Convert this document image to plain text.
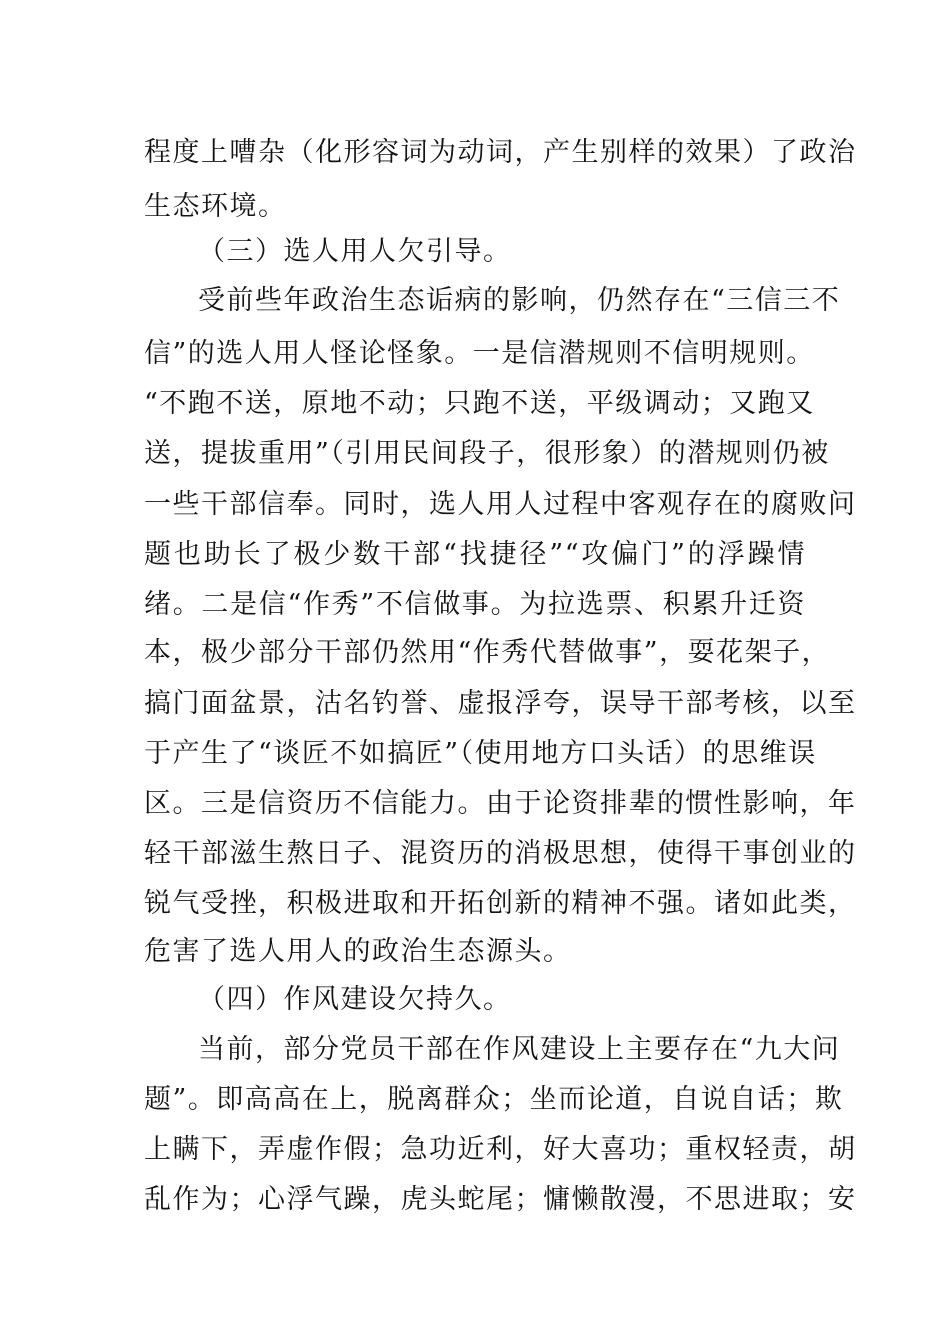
程度上嘈杂（化形容词为动词，产生别样的效果）了政治
生态环境。
（三）选人用人欠引导。
受前些年政治生态诟病的影响，仍然存在“三信三不
信”的选人用人怪论怪象。一是信潜规则不信明规则。
“不跑不送，原地不动；只跑不送，平级调动；又跑又
送，提拔重用”（引用民间段子，很形象）的潜规则仍被
一些干部信奉。同时，选人用人过程中客观存在的腐败问
题也助长了极少数干部“找捷径”“攻偏门”的浮躁情
绪。二是信“作秀”不信做事。为拉选票、积累升迁资
本，极少部分干部仍然用“作秀代替做事”，耍花架子，
搞门面盆景，沽名钓誉、虚报浮夸，误导干部考核，以至
于产生了“谈匠不如搞匠”（使用地方口头话）的思维误
区。三是信资历不信能力。由于论资排辈的惯性影响，年
轻干部滋生熬日子、混资历的消极思想，使得干事创业的
锐气受挫，积极进取和开拓创新的精神不强。诸如此类，
危害了选人用人的政治生态源头。
（四）作风建设欠持久。
当前，部分党员干部在作风建设上主要存在“九大问
题”。即高高在上，脱离群众；坐而论道，自说自话；欺
上瞒下，弄虚作假；急功近利，好大喜功；重权轻责，胡
乱作为；心浮气躁，虎头蛇尾；慵懒散漫，不思进取；安
